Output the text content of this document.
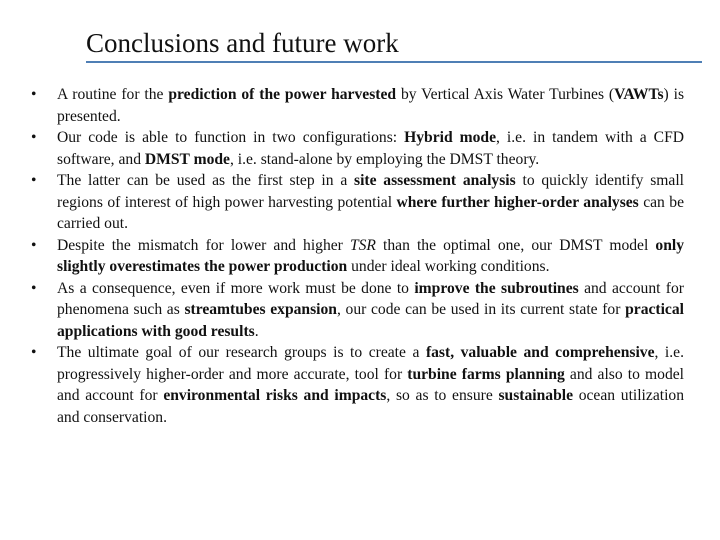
Conclusions and future work
• A routine for the prediction of the power harvested by Vertical Axis Water Turbines (VAWTs) is presented.
• Our code is able to function in two configurations: Hybrid mode, i.e. in tandem with a CFD software, and DMST mode, i.e. stand-alone by employing the DMST theory.
• The latter can be used as the first step in a site assessment analysis to quickly identify small regions of interest of high power harvesting potential where further higher-order analyses can be carried out.
• Despite the mismatch for lower and higher TSR than the optimal one, our DMST model only slightly overestimates the power production under ideal working conditions.
• As a consequence, even if more work must be done to improve the subroutines and account for phenomena such as streamtubes expansion, our code can be used in its current state for practical applications with good results.
• The ultimate goal of our research groups is to create a fast, valuable and comprehensive, i.e. progressively higher-order and more accurate, tool for turbine farms planning and also to model and account for environmental risks and impacts, so as to ensure sustainable ocean utilization and conservation.
